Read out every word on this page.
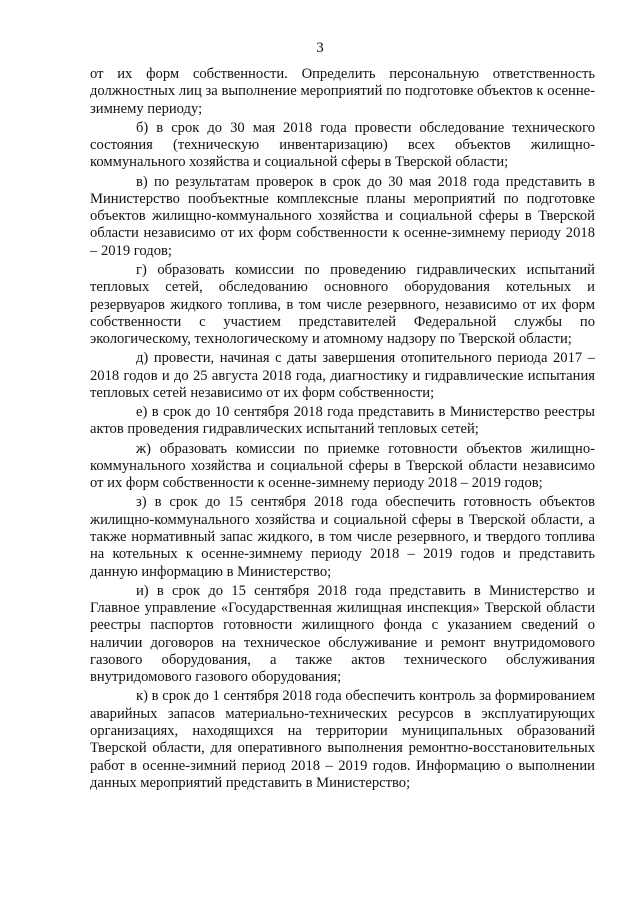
3

от их форм собственности. Определить персональную ответственность должностных лиц за выполнение мероприятий по подготовке объектов к осенне-зимнему периоду;

б) в срок до 30 мая 2018 года провести обследование технического состояния (техническую инвентаризацию) всех объектов жилищно-коммунального хозяйства и социальной сферы в Тверской области;

в) по результатам проверок в срок до 30 мая 2018 года представить в Министерство пообъектные комплексные планы мероприятий по подготовке объектов жилищно-коммунального хозяйства и социальной сферы в Тверской области независимо от их форм собственности к осенне-зимнему периоду 2018 – 2019 годов;

г) образовать комиссии по проведению гидравлических испытаний тепловых сетей, обследованию основного оборудования котельных и резервуаров жидкого топлива, в том числе резервного, независимо от их форм собственности с участием представителей Федеральной службы по экологическому, технологическому и атомному надзору по Тверской области;

д) провести, начиная с даты завершения отопительного периода 2017 – 2018 годов и до 25 августа 2018 года, диагностику и гидравлические испытания тепловых сетей независимо от их форм собственности;

е) в срок до 10 сентября 2018 года представить в Министерство реестры актов проведения гидравлических испытаний тепловых сетей;

ж) образовать комиссии по приемке готовности объектов жилищно-коммунального хозяйства и социальной сферы в Тверской области независимо от их форм собственности к осенне-зимнему периоду 2018 – 2019 годов;

з) в срок до 15 сентября 2018 года обеспечить готовность объектов жилищно-коммунального хозяйства и социальной сферы в Тверской области, а также нормативный запас жидкого, в том числе резервного, и твердого топлива на котельных к осенне-зимнему периоду 2018 – 2019 годов и представить данную информацию в Министерство;

и) в срок до 15 сентября 2018 года представить в Министерство и Главное управление «Государственная жилищная инспекция» Тверской области реестры паспортов готовности жилищного фонда с указанием сведений о наличии договоров на техническое обслуживание и ремонт внутридомового газового оборудования, а также актов технического обслуживания внутридомового газового оборудования;

к) в срок до 1 сентября 2018 года обеспечить контроль за формированием аварийных запасов материально-технических ресурсов в эксплуатирующих организациях, находящихся на территории муниципальных образований Тверской области, для оперативного выполнения ремонтно-восстановительных работ в осенне-зимний период 2018 – 2019 годов. Информацию о выполнении данных мероприятий представить в Министерство;
